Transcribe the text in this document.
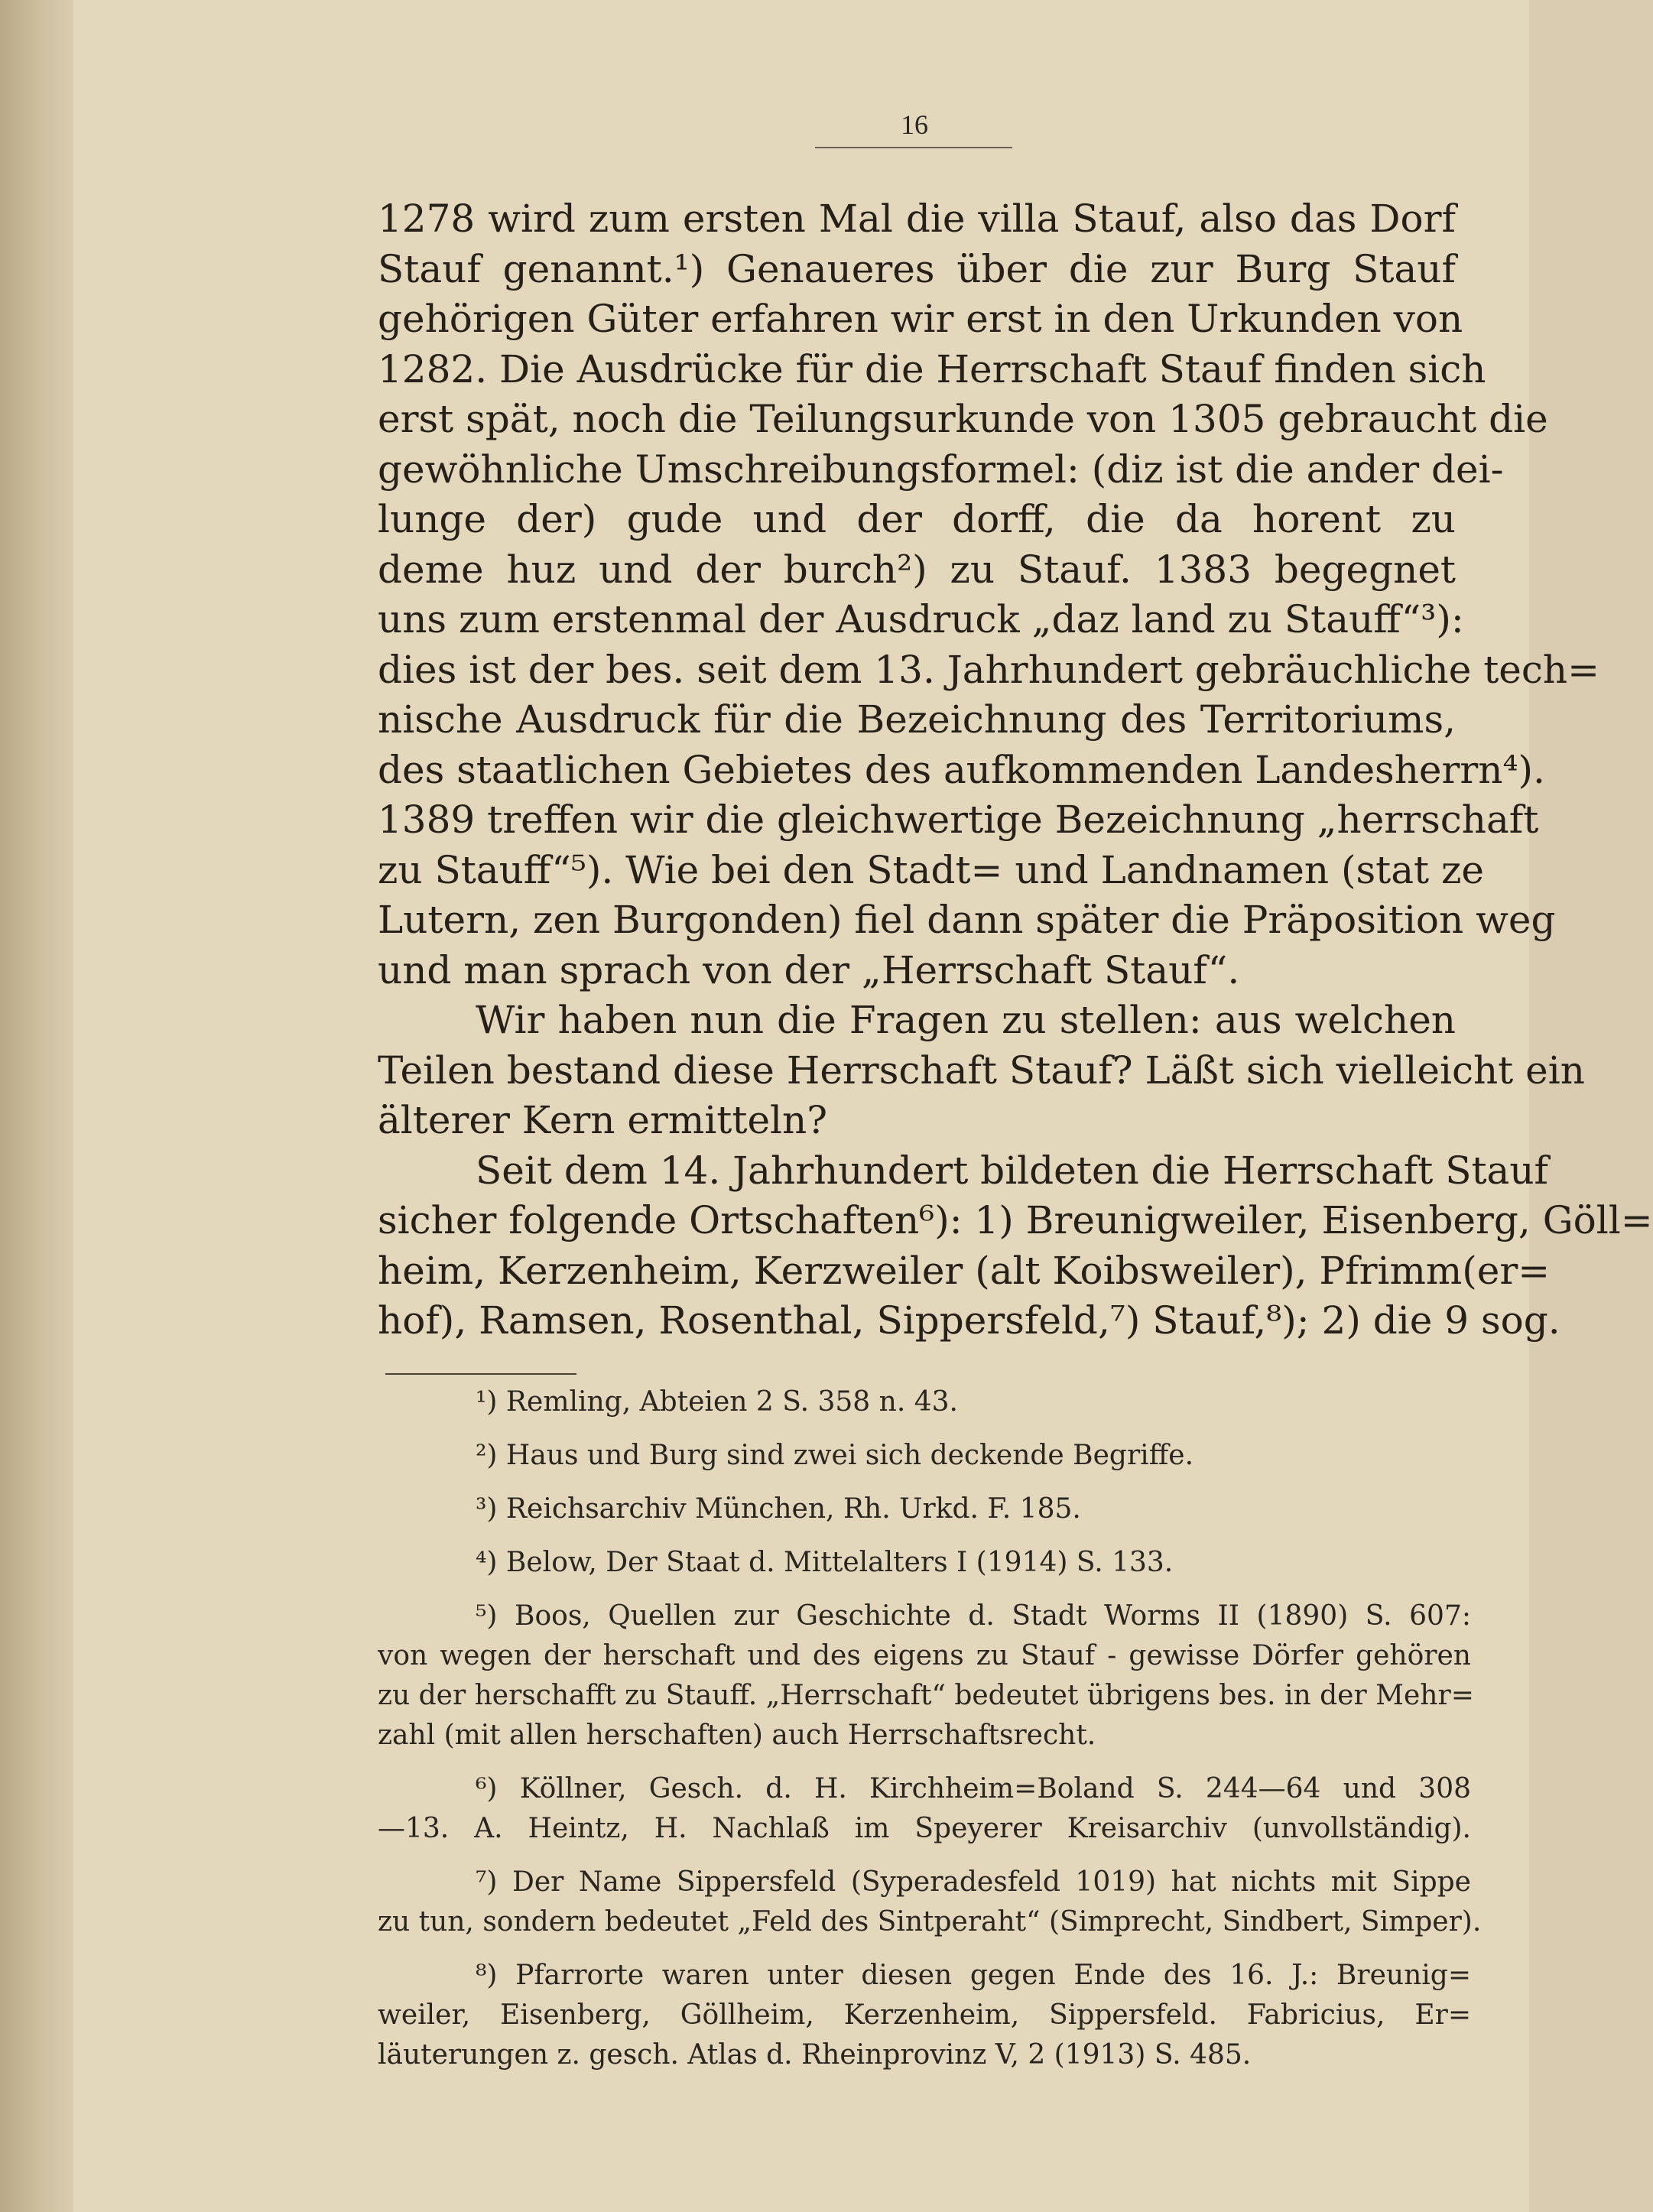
16
1278 wird zum ersten Mal die villa Stauf, also das Dorf
Stauf genannt.¹) Genaueres über die zur Burg Stauf
gehörigen Güter erfahren wir erst in den Urkunden von
1282. Die Ausdrücke für die Herrschaft Stauf finden sich
erst spät, noch die Teilungsurkunde von 1305 gebraucht die
gewöhnliche Umschreibungsformel: (diz ist die ander dei-
lunge der) gude und der dorff, die da horent zu
deme huz und der burch²) zu Stauf. 1383 begegnet
uns zum erstenmal der Ausdruck „daz land zu Stauff“³):
dies ist der bes. seit dem 13. Jahrhundert gebräuchliche tech=
nische Ausdruck für die Bezeichnung des Territoriums,
des staatlichen Gebietes des aufkommenden Landesherrn⁴).
1389 treffen wir die gleichwertige Bezeichnung „herrschaft
zu Stauff“⁵). Wie bei den Stadt= und Landnamen (stat ze
Lutern, zen Burgonden) fiel dann später die Präposition weg
und man sprach von der „Herrschaft Stauf“.
Wir haben nun die Fragen zu stellen: aus welchen
Teilen bestand diese Herrschaft Stauf? Läßt sich vielleicht ein
älterer Kern ermitteln?
Seit dem 14. Jahrhundert bildeten die Herrschaft Stauf
sicher folgende Ortschaften⁶): 1) Breunigweiler, Eisenberg, Göll=
heim, Kerzenheim, Kerzweiler (alt Koibsweiler), Pfrimm(er=
hof), Ramsen, Rosenthal, Sippersfeld,⁷) Stauf,⁸); 2) die 9 sog.
¹) Remling, Abteien 2 S. 358 n. 43.
²) Haus und Burg sind zwei sich deckende Begriffe.
³) Reichsarchiv München, Rh. Urkd. F. 185.
⁴) Below, Der Staat d. Mittelalters I (1914) S. 133.
⁵) Boos, Quellen zur Geschichte d. Stadt Worms II (1890) S. 607:
von wegen der herschaft und des eigens zu Stauf - gewisse Dörfer gehören
zu der herschafft zu Stauff. „Herrschaft“ bedeutet übrigens bes. in der Mehr=
zahl (mit allen herschaften) auch Herrschaftsrecht.
⁶) Köllner, Gesch. d. H. Kirchheim=Boland S. 244—64 und 308
—13. A. Heintz, H. Nachlaß im Speyerer Kreisarchiv (unvollständig).
⁷) Der Name Sippersfeld (Syperadesfeld 1019) hat nichts mit Sippe
zu tun, sondern bedeutet „Feld des Sintperaht“ (Simprecht, Sindbert, Simper).
⁸) Pfarrorte waren unter diesen gegen Ende des 16. J.: Breunig=
weiler, Eisenberg, Göllheim, Kerzenheim, Sippersfeld. Fabricius, Er=
läuterungen z. gesch. Atlas d. Rheinprovinz V, 2 (1913) S. 485.
